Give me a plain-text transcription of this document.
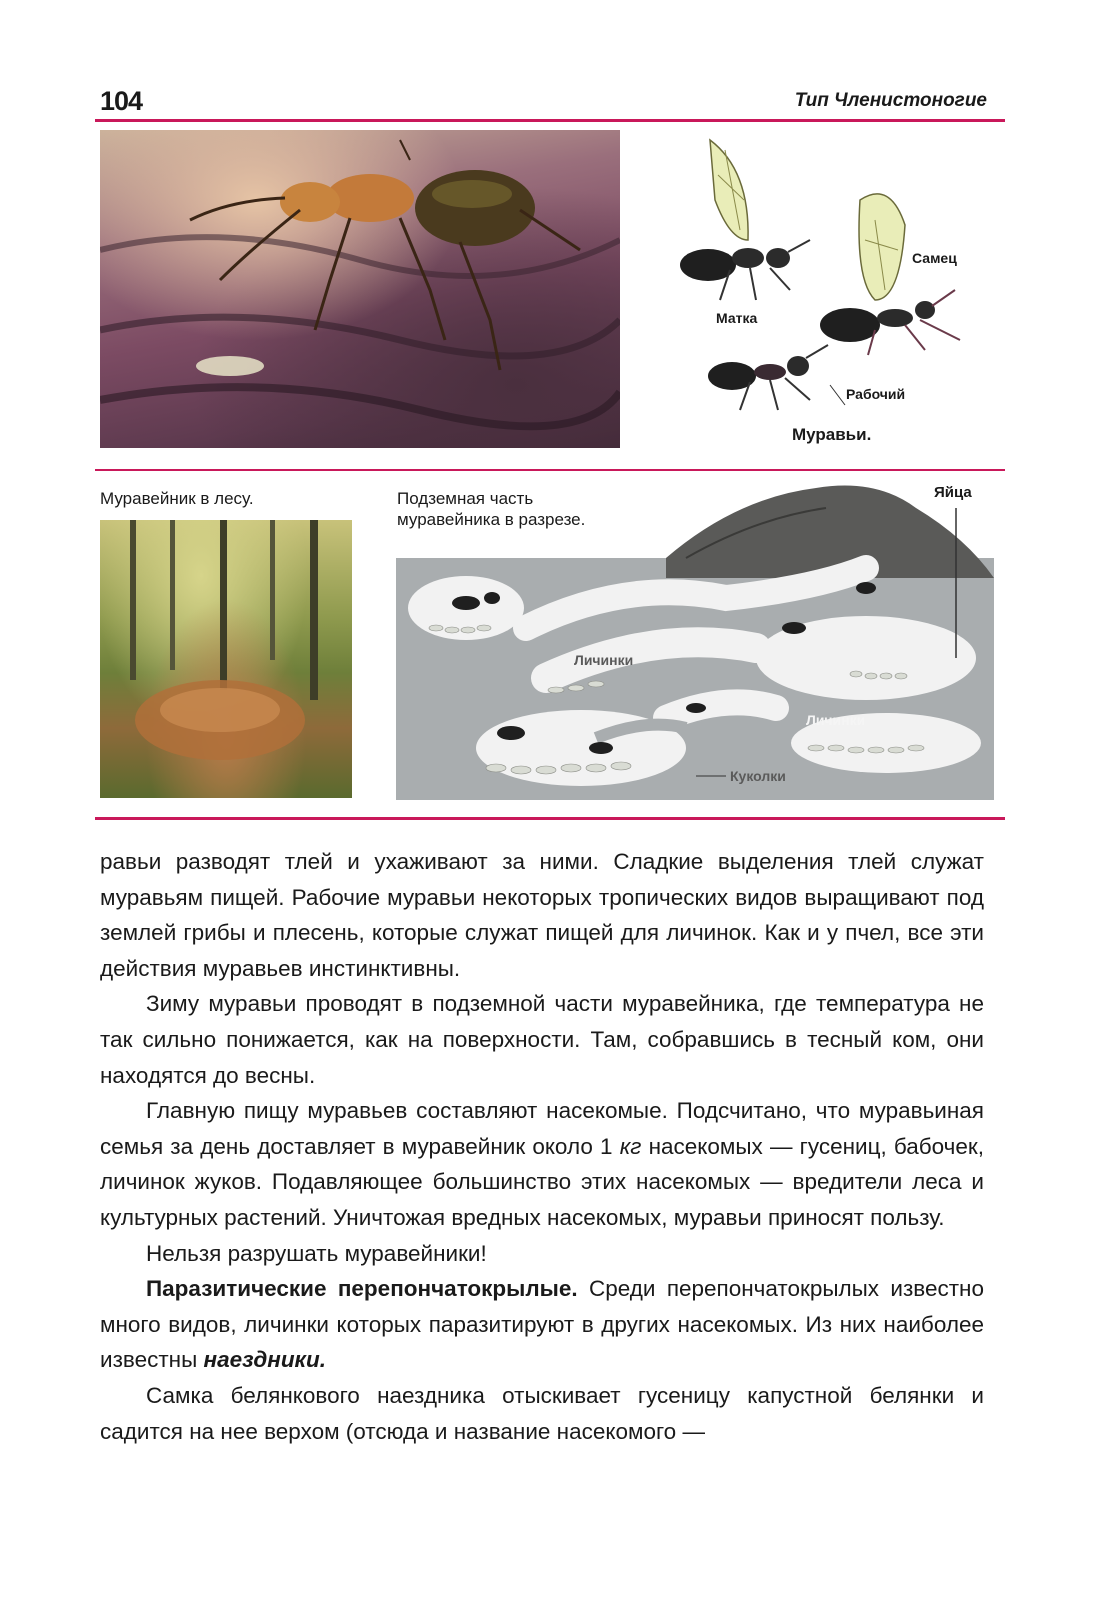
104	Тип Членистоногие
Самец
Матка
Рабочий
Муравьи.
Муравейник в лесу.	Подземная часть
муравейника в разрезе.
Яйца
Личинки
Личинки
Куколки

равьи разводят тлей и ухаживают за ними. Сладкие выделения тлей служат муравьям пищей. Рабочие муравьи некоторых тропических видов выращивают под землей грибы и плесень, которые служат пищей для личинок. Как и у пчел, все эти действия муравьев инстинктивны.

Зиму муравьи проводят в подземной части муравейника, где температура не так сильно понижается, как на поверхности. Там, собравшись в тесный ком, они находятся до весны.

Главную пищу муравьев составляют насекомые. Подсчитано, что муравьиная семья за день доставляет в муравейник около 1 кг насекомых — гусениц, бабочек, личинок жуков. Подавляющее большинство этих насекомых — вредители леса и культурных растений. Уничтожая вредных насекомых, муравьи приносят пользу.

Нельзя разрушать муравейники!

Паразитические перепончатокрылые. Среди перепончатокрылых известно много видов, личинки которых паразитируют в других насекомых. Из них наиболее известны наездники.

Самка белянкового наездника отыскивает гусеницу капустной белянки и садится на нее верхом (отсюда и название насекомого —
